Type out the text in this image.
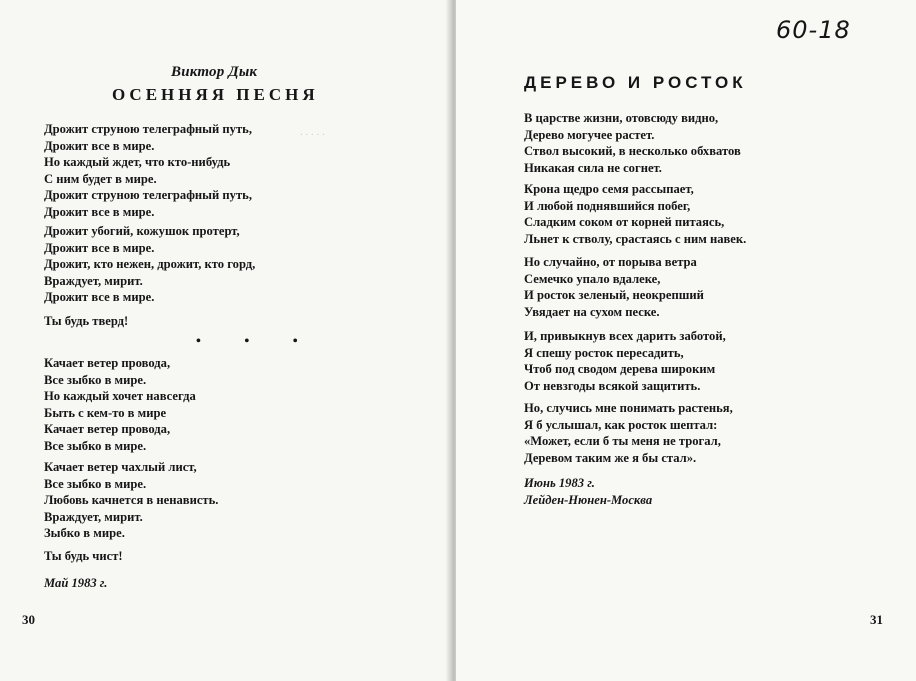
. . . . .
Виктор Дык
ОСЕННЯЯ ПЕСНЯ
Дрожит струною телеграфный путь,
Дрожит все в мире.
Но каждый ждет, что кто-нибудь
С ним будет в мире.
Дрожит струною телеграфный путь,
Дрожит все в мире.
Дрожит убогий, кожушок протерт,
Дрожит все в мире.
Дрожит, кто нежен, дрожит, кто горд,
Враждует, мирит.
Дрожит все в мире.
Ты будь тверд!
• • •
Качает ветер провода,
Все зыбко в мире.
Но каждый хочет навсегда
Быть с кем-то в мире
Качает ветер провода,
Все зыбко в мире.
Качает ветер чахлый лист,
Все зыбко в мире.
Любовь качнется в ненависть.
Враждует, мирит.
Зыбко в мире.
Ты будь чист!
Май 1983 г.
30
60-18
ДЕРЕВО И РОСТОК
В царстве жизни, отовсюду видно,
Дерево могучее растет.
Ствол высокий, в несколько обхватов
Никакая сила не согнет.
Крона щедро семя рассыпает,
И любой поднявшийся побег,
Сладким соком от корней питаясь,
Льнет к стволу, срастаясь с ним навек.
Но случайно, от порыва ветра
Семечко упало вдалеке,
И росток зеленый, неокрепший
Увядает на сухом песке.
И, привыкнув всех дарить заботой,
Я спешу росток пересадить,
Чтоб под сводом дерева широким
От невзгоды всякой защитить.
Но, случись мне понимать растенья,
Я б услышал, как росток шептал:
«Может, если б ты меня не трогал,
Деревом таким же я бы стал».
Июнь 1983 г.
Лейден-Нюнен-Москва
31
